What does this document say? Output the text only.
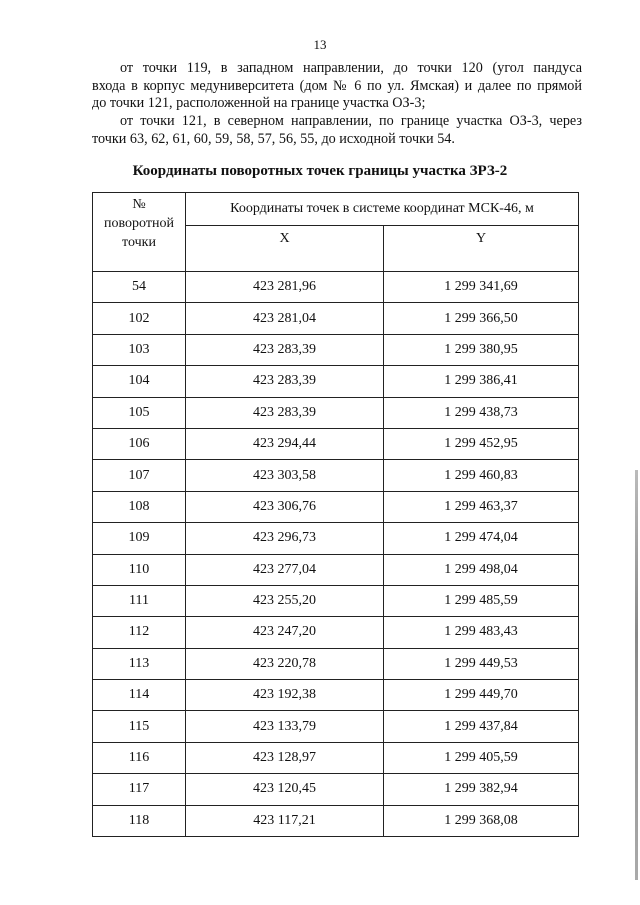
13
от точки 119, в западном направлении, до точки 120 (угол пандуса
входа в корпус медуниверситета (дом № 6 по ул. Ямская) и далее по прямой
до точки 121, расположенной на границе участка ОЗ-3;
от точки 121, в северном направлении, по границе участка ОЗ-3, через
точки 63, 62, 61, 60, 59, 58, 57, 56, 55, до исходной точки 54.
Координаты поворотных точек границы участка ЗРЗ-2
№
поворотной
точки	Координаты точек в системе координат МСК-46, м	
	X	Y
54	423 281,96	1 299 341,69
102	423 281,04	1 299 366,50
103	423 283,39	1 299 380,95
104	423 283,39	1 299 386,41
105	423 283,39	1 299 438,73
106	423 294,44	1 299 452,95
107	423 303,58	1 299 460,83
108	423 306,76	1 299 463,37
109	423 296,73	1 299 474,04
110	423 277,04	1 299 498,04
111	423 255,20	1 299 485,59
112	423 247,20	1 299 483,43
113	423 220,78	1 299 449,53
114	423 192,38	1 299 449,70
115	423 133,79	1 299 437,84
116	423 128,97	1 299 405,59
117	423 120,45	1 299 382,94
118	423 117,21	1 299 368,08
